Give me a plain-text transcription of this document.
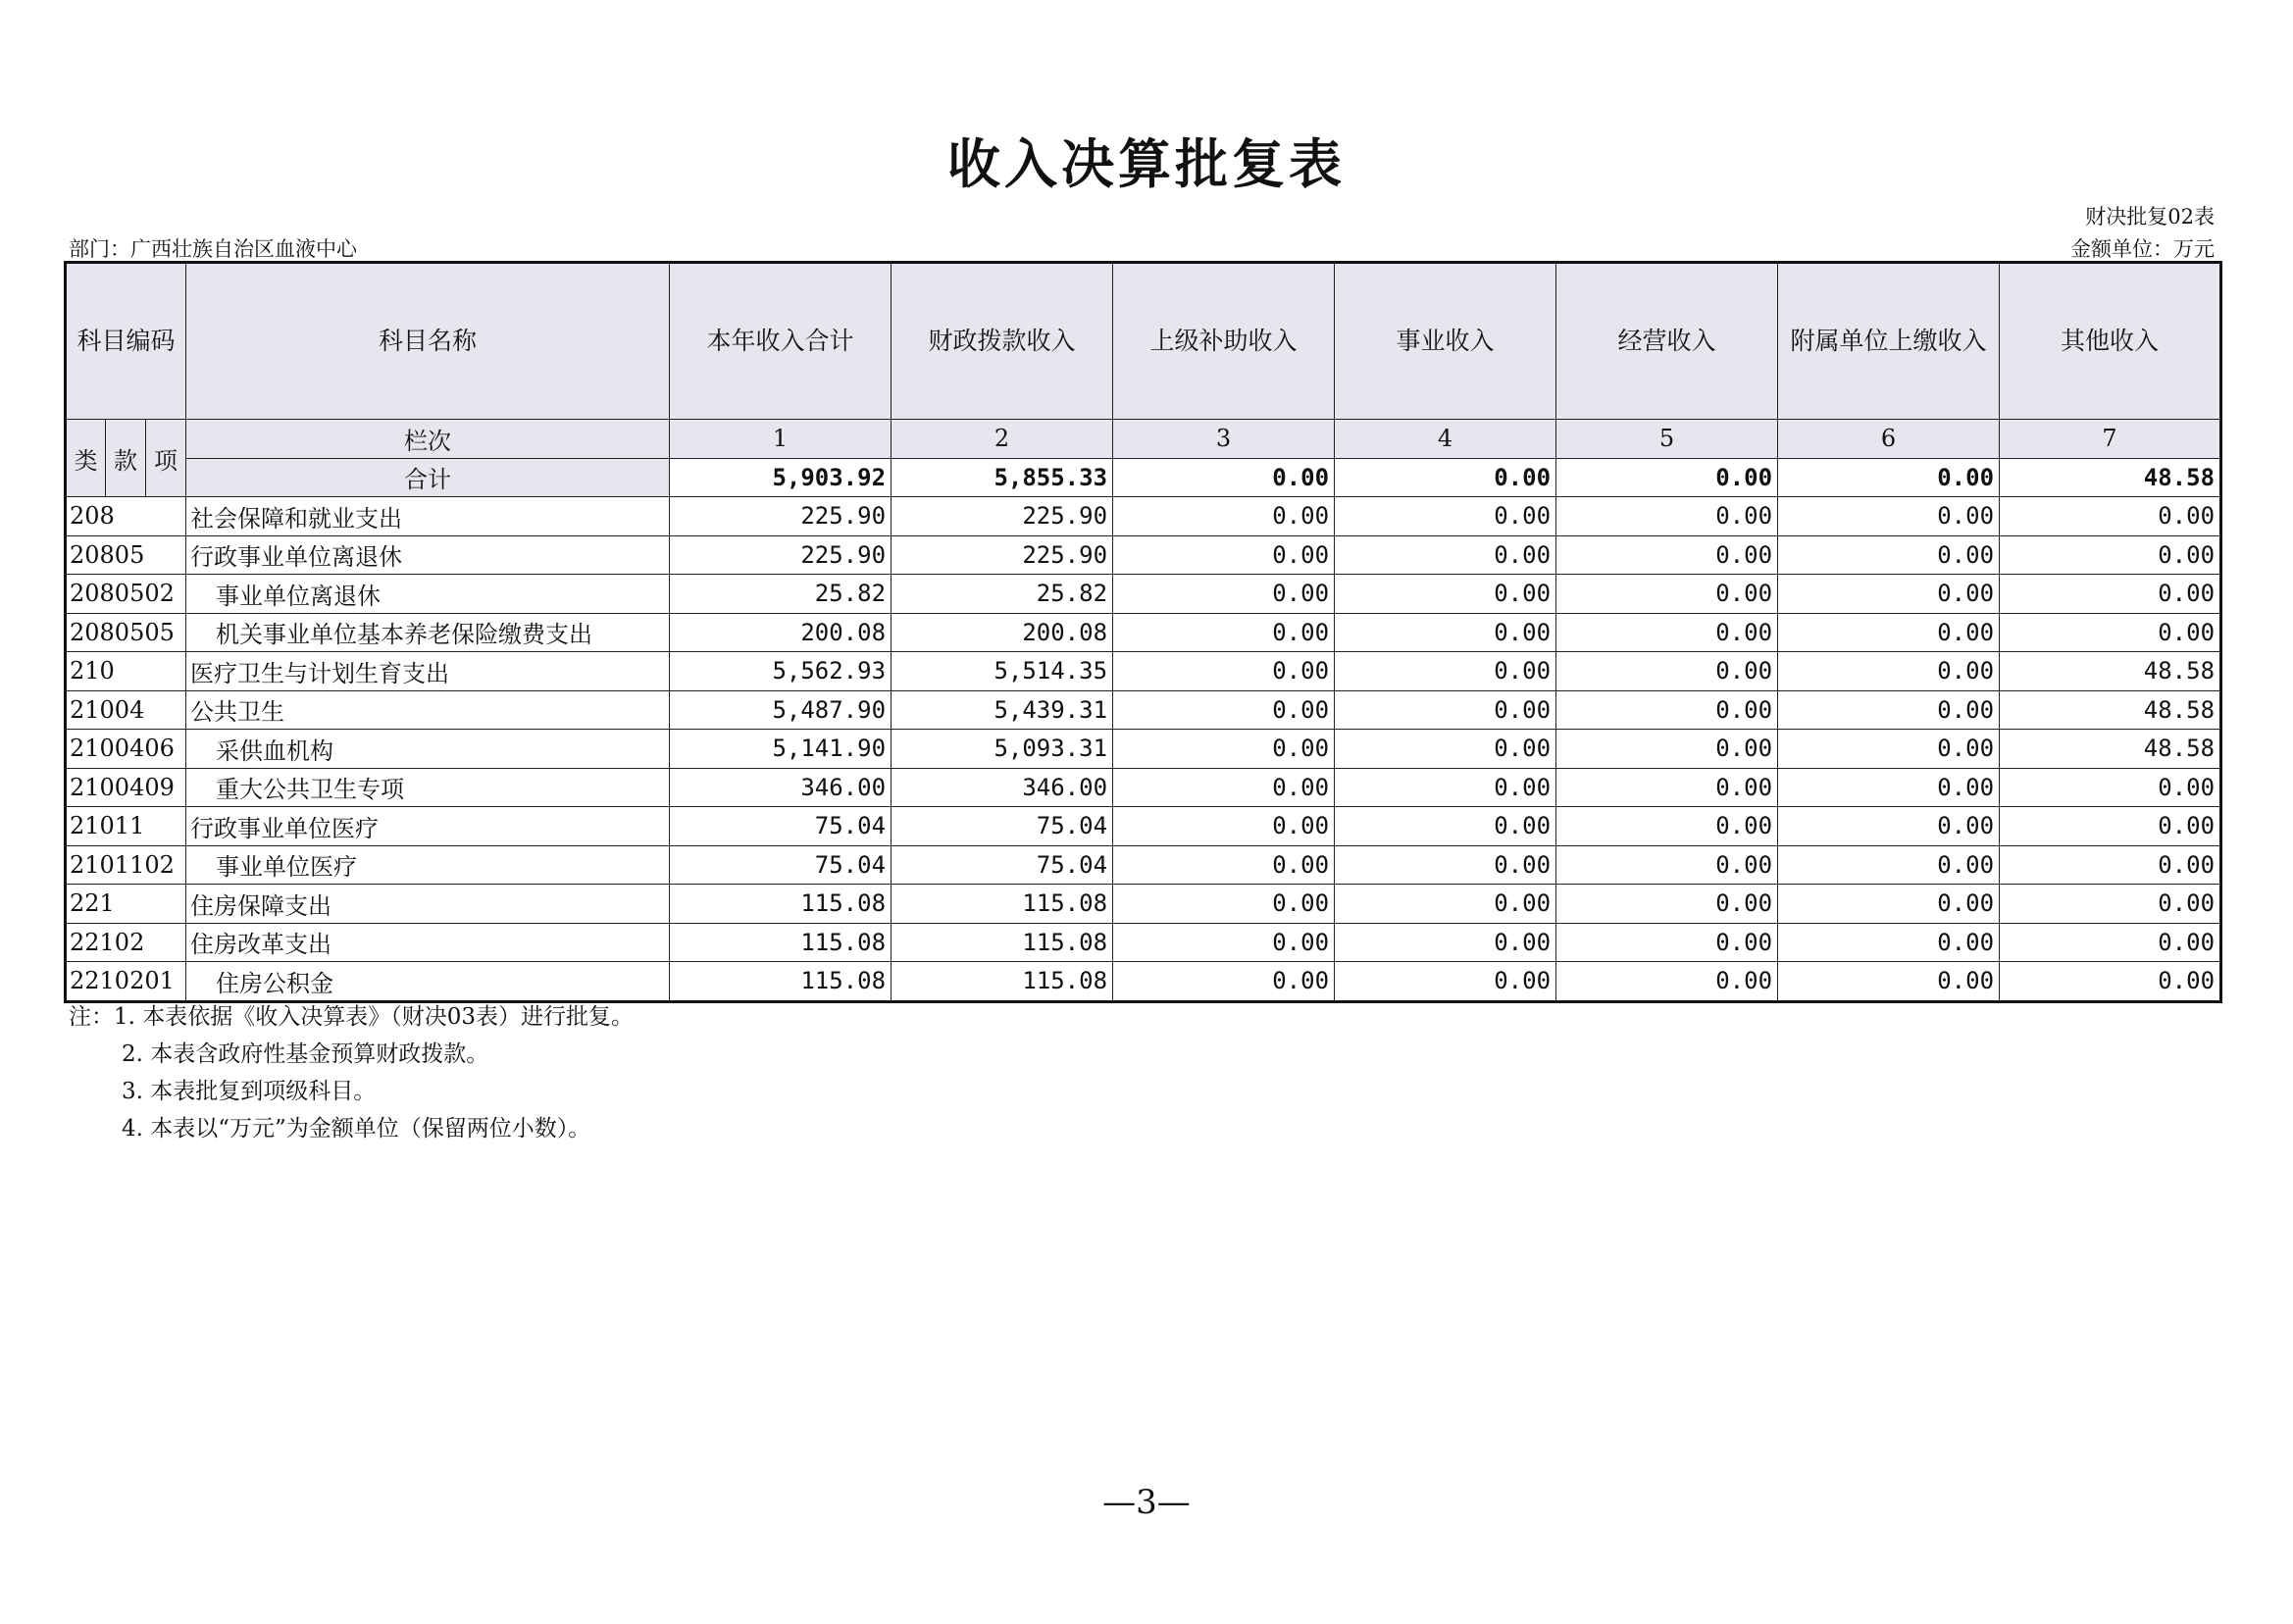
收入决算批复表
财决批复02表
部门：广西壮族自治区血液中心	金额单位：万元
科目编码			科目名称	本年收入合计	财政拨款收入	上级补助收入	事业收入	经营收入	附属单位上缴收入	其他收入
类	款	项	栏次	1	2	3	4	5	6	7
			合计	5,903.92	5,855.33	0.00	0.00	0.00	0.00	48.58
208			社会保障和就业支出	225.90	225.90	0.00	0.00	0.00	0.00	0.00
20805			行政事业单位离退休	225.90	225.90	0.00	0.00	0.00	0.00	0.00
2080502			事业单位离退休	25.82	25.82	0.00	0.00	0.00	0.00	0.00
2080505			机关事业单位基本养老保险缴费支出	200.08	200.08	0.00	0.00	0.00	0.00	0.00
210			医疗卫生与计划生育支出	5,562.93	5,514.35	0.00	0.00	0.00	0.00	48.58
21004			公共卫生	5,487.90	5,439.31	0.00	0.00	0.00	0.00	48.58
2100406			采供血机构	5,141.90	5,093.31	0.00	0.00	0.00	0.00	48.58
2100409			重大公共卫生专项	346.00	346.00	0.00	0.00	0.00	0.00	0.00
21011			行政事业单位医疗	75.04	75.04	0.00	0.00	0.00	0.00	0.00
2101102			事业单位医疗	75.04	75.04	0.00	0.00	0.00	0.00	0.00
221			住房保障支出	115.08	115.08	0.00	0.00	0.00	0.00	0.00
22102			住房改革支出	115.08	115.08	0.00	0.00	0.00	0.00	0.00
2210201			住房公积金	115.08	115.08	0.00	0.00	0.00	0.00	0.00
注：1. 本表依据《收入决算表》（财决03表）进行批复。
2. 本表含政府性基金预算财政拨款。
3. 本表批复到项级科目。
4. 本表以“万元”为金额单位（保留两位小数）。
—3—
